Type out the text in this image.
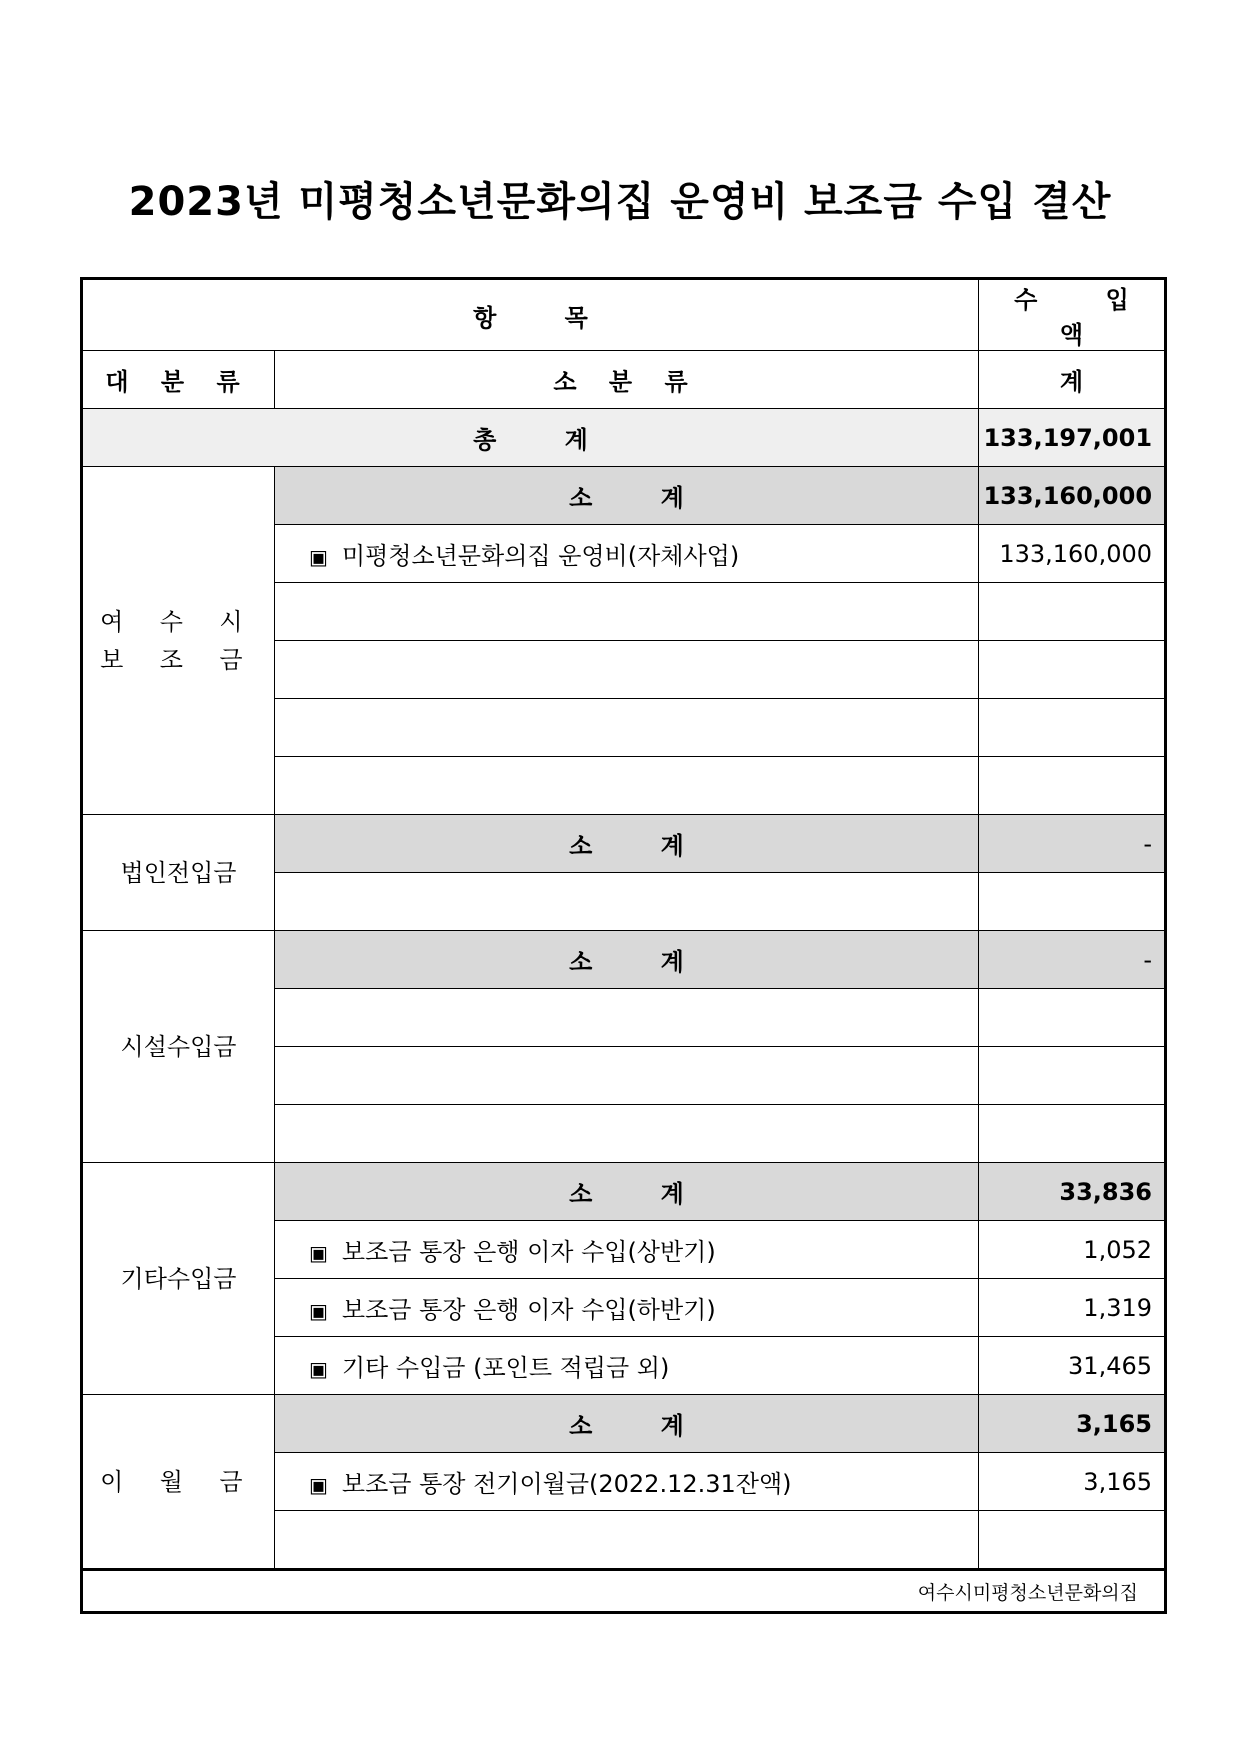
2023년 미평청소년문화의집 운영비 보조금 수입 결산
항 목		수 입 액
대 분 류	소 분 류	계
총 계		133,197,001
여 수 시
보 조 금	소 계	133,160,000
	▣ 미평청소년문화의집 운영비(자체사업)	133,160,000

법인전입금	소 계	-

시설수입금	소 계	-

기타수입금	소 계	33,836
	▣ 보조금 통장 은행 이자 수입(상반기)	1,052
	▣ 보조금 통장 은행 이자 수입(하반기)	1,319
	▣ 기타 수입금 (포인트 적립금 외)	31,465
이 월 금	소 계	3,165
	▣ 보조금 통장 전기이월금(2022.12.31잔액)	3,165

여수시미평청소년문화의집		
